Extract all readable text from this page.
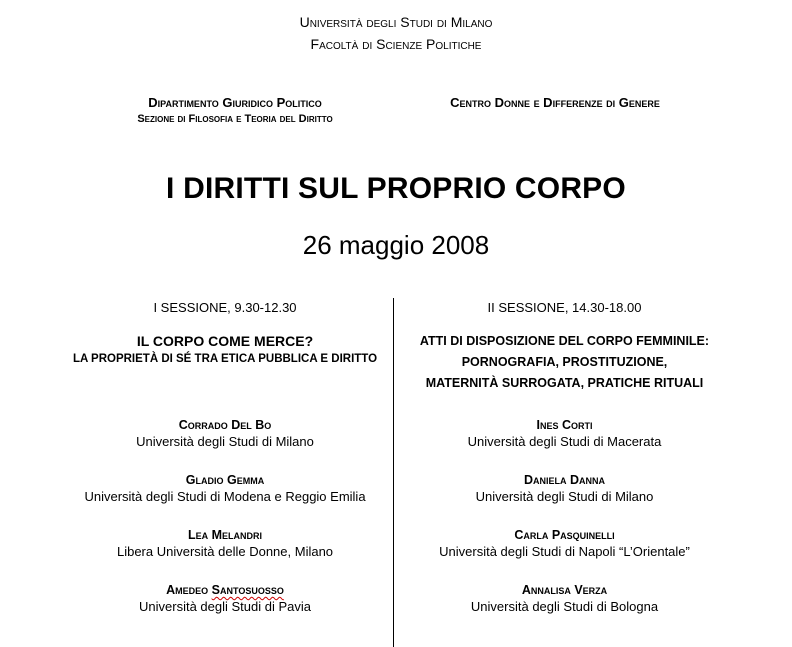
Università degli Studi di Milano
Facoltà di Scienze Politiche
Dipartimento Giuridico Politico
Sezione di Filosofia e Teoria del Diritto
Centro Donne e Differenze di Genere
I DIRITTI SUL PROPRIO CORPO
26 maggio 2008
I SESSIONE, 9.30-12.30
IL CORPO COME MERCE?
LA PROPRIETÀ DI SÉ TRA ETICA PUBBLICA E DIRITTO
Corrado Del Bo
Università degli Studi di Milano
Gladio Gemma
Università degli Studi di Modena e Reggio Emilia
Lea Melandri
Libera Università delle Donne, Milano
Amedeo Santosuosso
Università degli Studi di Pavia
II SESSIONE, 14.30-18.00
ATTI DI DISPOSIZIONE DEL CORPO FEMMINILE:
PORNOGRAFIA, PROSTITUZIONE,
MATERNITÀ SURROGATA, PRATICHE RITUALI
Ines Corti
Università degli Studi di Macerata
Daniela Danna
Università degli Studi di Milano
Carla Pasquinelli
Università degli Studi di Napoli “L’Orientale”
Annalisa Verza
Università degli Studi di Bologna
